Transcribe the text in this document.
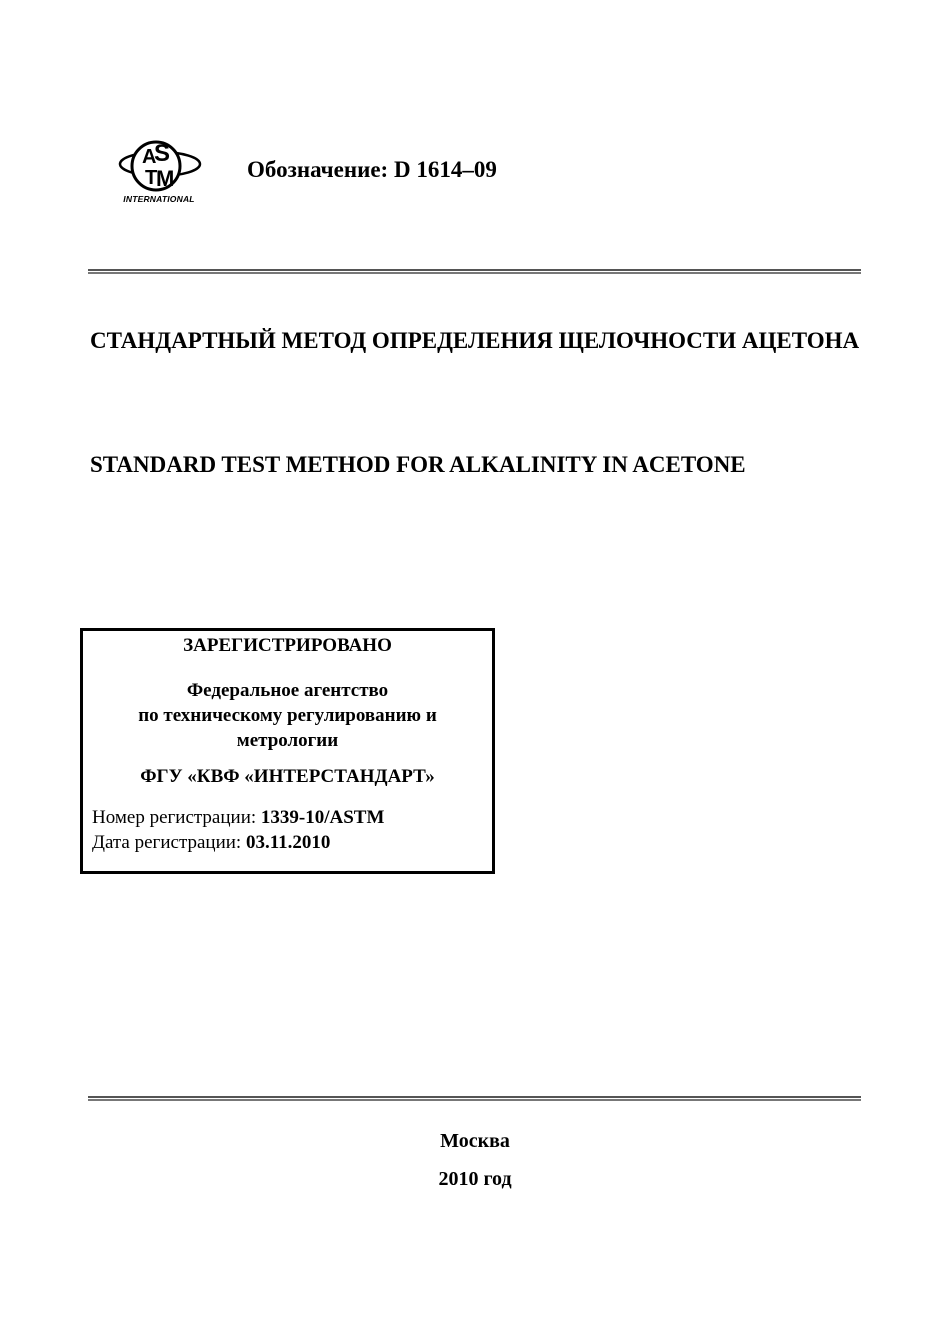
A
S
T
M
INTERNATIONAL
Обозначение: D 1614–09
СТАНДАРТНЫЙ МЕТОД ОПРЕДЕЛЕНИЯ ЩЕЛОЧНОСТИ АЦЕТОНА
STANDARD TEST METHOD FOR ALKALINITY IN ACETONE
ЗАРЕГИСТРИРОВАНО
Федеральное агентство
по техническому регулированию и
метрологии
ФГУ «КВФ «ИНТЕРСТАНДАРТ»
Номер регистрации: 1339-10/ASTM
Дата регистрации: 03.11.2010
Москва
2010 год
